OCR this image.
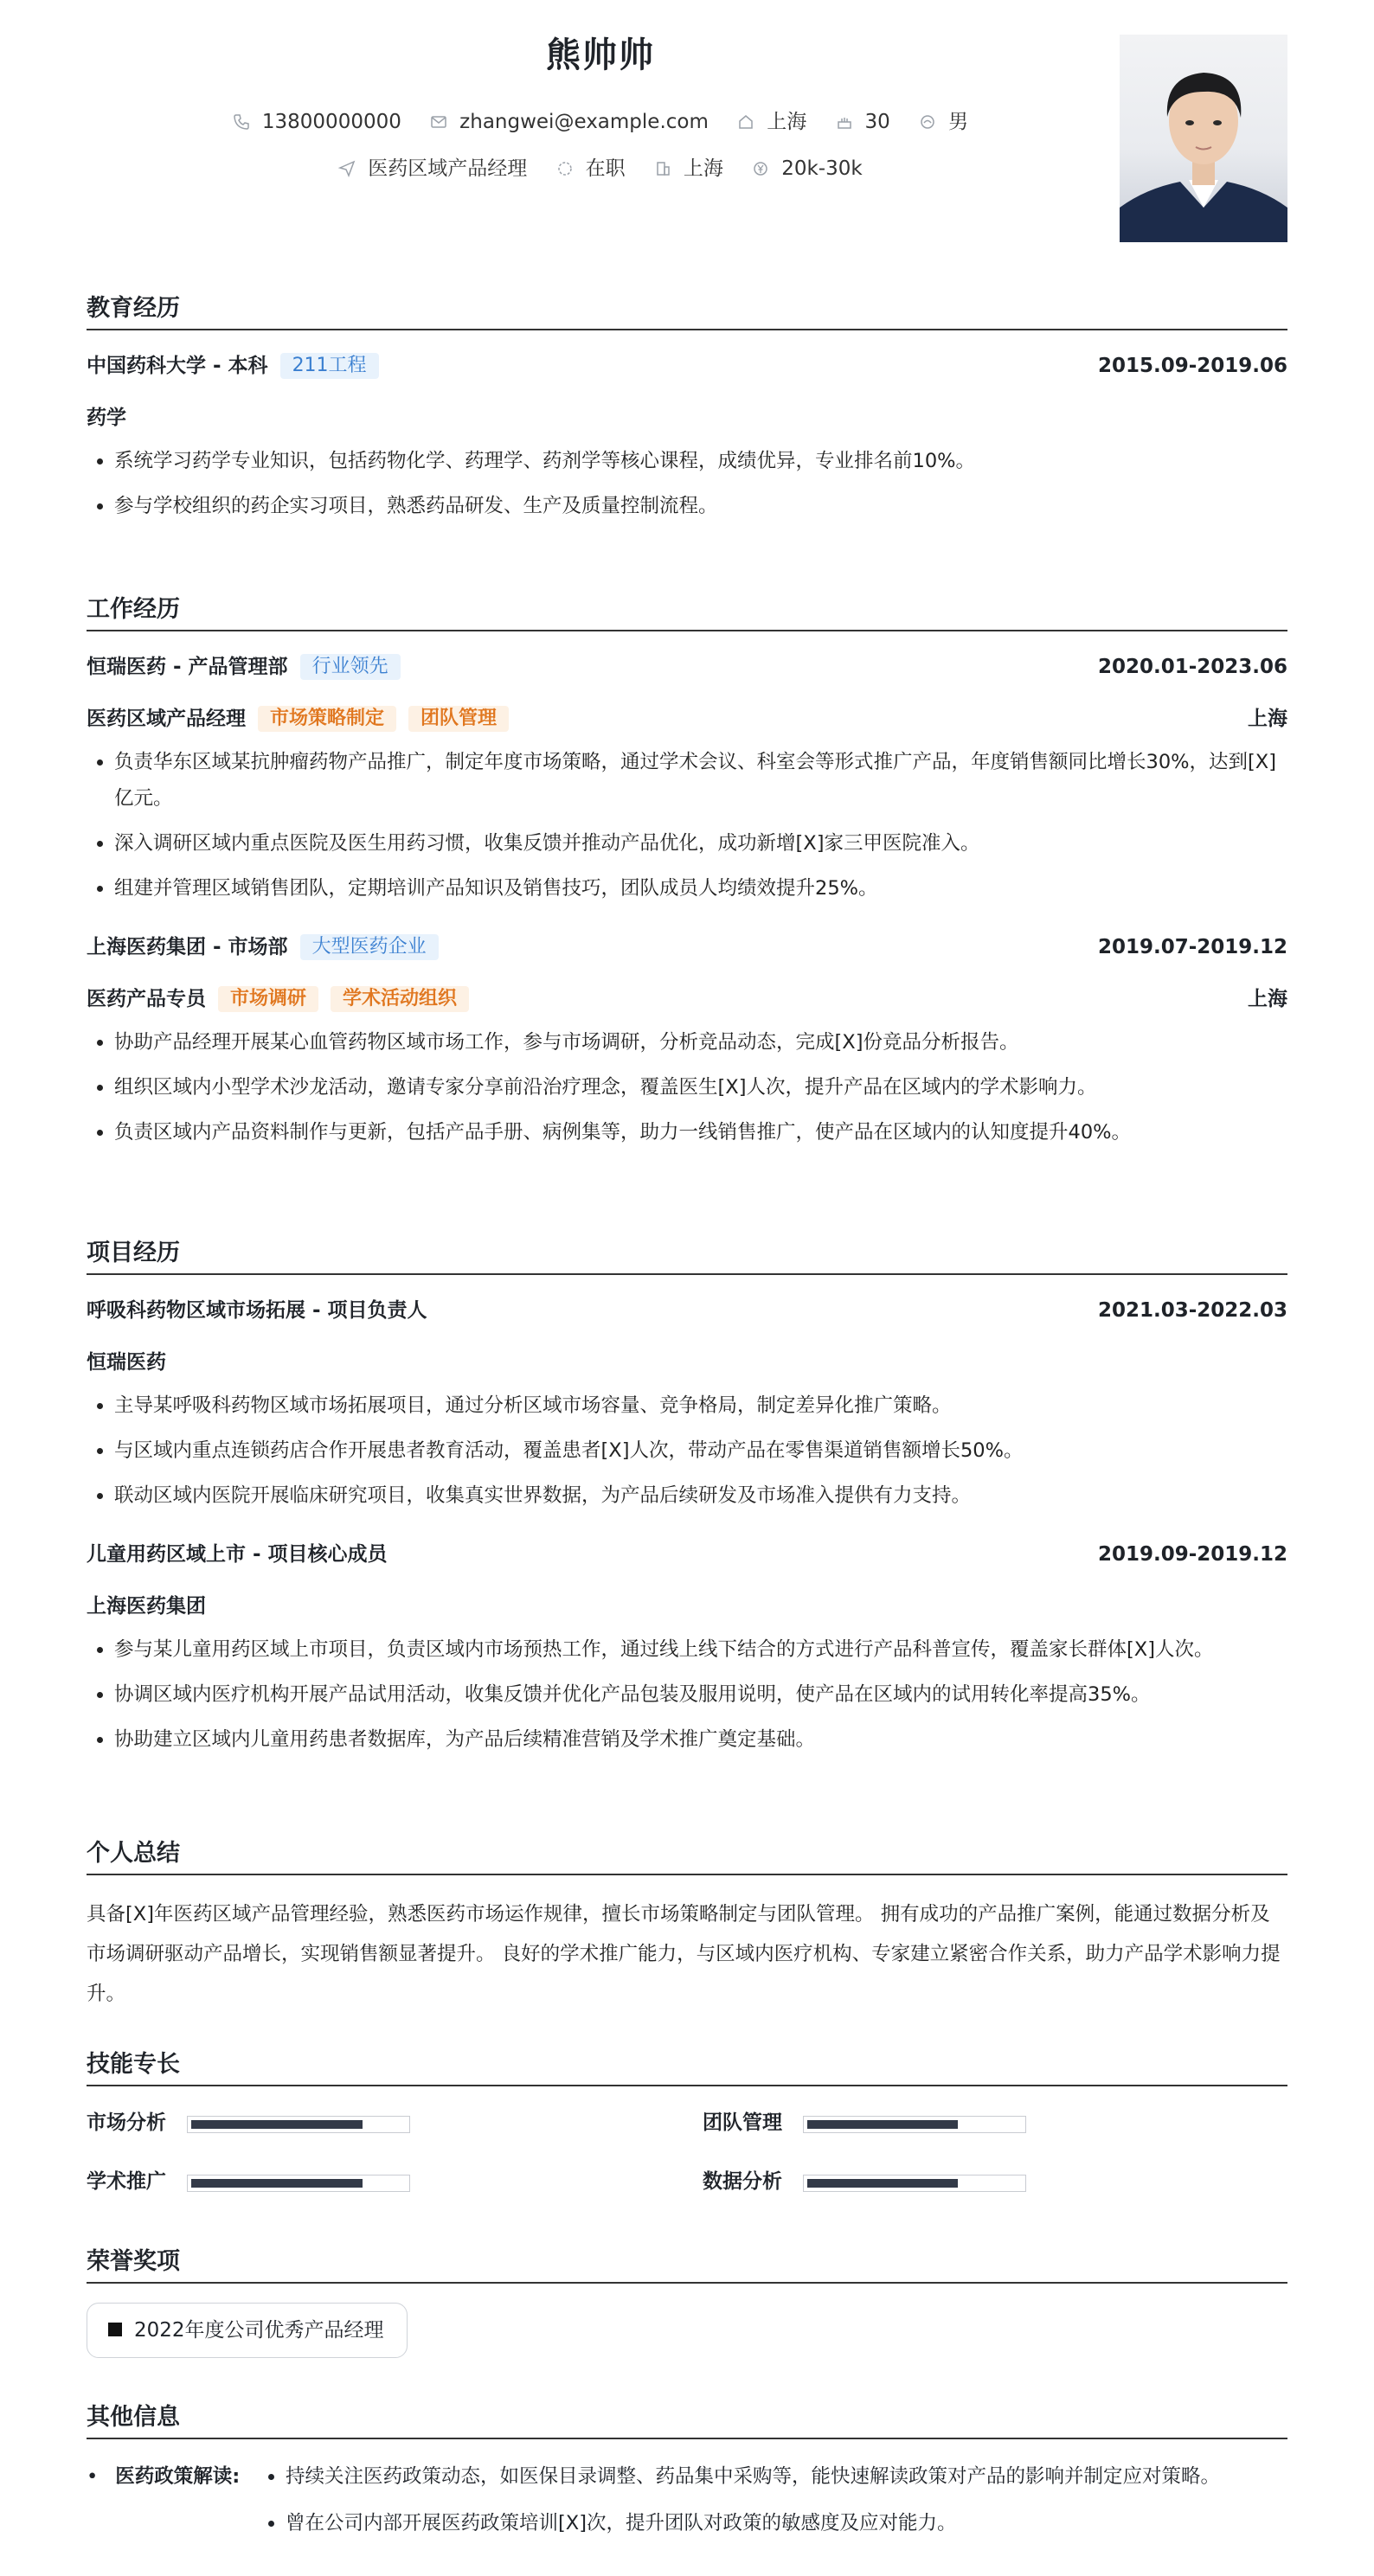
熊帅帅
13800000000	zhangwei@example.com	上海	30	男
医药区域产品经理	在职	上海	20k-30k
教育经历
中国药科大学 - 本科 211工程	2015.09-2019.06
药学
• 系统学习药学专业知识，包括药物化学、药理学、药剂学等核心课程，成绩优异，专业排名前10%。
• 参与学校组织的药企实习项目，熟悉药品研发、生产及质量控制流程。
工作经历
恒瑞医药 - 产品管理部 行业领先	2020.01-2023.06
医药区域产品经理 市场策略制定 团队管理	上海
• 负责华东区域某抗肿瘤药物产品推广，制定年度市场策略，通过学术会议、科室会等形式推广产品，年度销售额同比增长30%，达到[X]亿元。
• 深入调研区域内重点医院及医生用药习惯，收集反馈并推动产品优化，成功新增[X]家三甲医院准入。
• 组建并管理区域销售团队，定期培训产品知识及销售技巧，团队成员人均绩效提升25%。
上海医药集团 - 市场部 大型医药企业	2019.07-2019.12
医药产品专员 市场调研 学术活动组织	上海
• 协助产品经理开展某心血管药物区域市场工作，参与市场调研，分析竞品动态，完成[X]份竞品分析报告。
• 组织区域内小型学术沙龙活动，邀请专家分享前沿治疗理念，覆盖医生[X]人次，提升产品在区域内的学术影响力。
• 负责区域内产品资料制作与更新，包括产品手册、病例集等，助力一线销售推广，使产品在区域内的认知度提升40%。
项目经历
呼吸科药物区域市场拓展 - 项目负责人	2021.03-2022.03
恒瑞医药
• 主导某呼吸科药物区域市场拓展项目，通过分析区域市场容量、竞争格局，制定差异化推广策略。
• 与区域内重点连锁药店合作开展患者教育活动，覆盖患者[X]人次，带动产品在零售渠道销售额增长50%。
• 联动区域内医院开展临床研究项目，收集真实世界数据，为产品后续研发及市场准入提供有力支持。
儿童用药区域上市 - 项目核心成员	2019.09-2019.12
上海医药集团
• 参与某儿童用药区域上市项目，负责区域内市场预热工作，通过线上线下结合的方式进行产品科普宣传，覆盖家长群体[X]人次。
• 协调区域内医疗机构开展产品试用活动，收集反馈并优化产品包装及服用说明，使产品在区域内的试用转化率提高35%。
• 协助建立区域内儿童用药患者数据库，为产品后续精准营销及学术推广奠定基础。
个人总结

具备[X]年医药区域产品管理经验，熟悉医药市场运作规律，擅长市场策略制定与团队管理。 拥有成功的产品推广案例，能通过数据分析及市场调研驱动产品增长，实现销售额显著提升。 良好的学术推广能力，与区域内医疗机构、专家建立紧密合作关系，助力产品学术影响力提升。

技能专长
市场分析	团队管理
学术推广	数据分析
荣誉奖项
2022年度公司优秀产品经理
其他信息
• 医药政策解读:
• 持续关注医药政策动态，如医保目录调整、药品集中采购等，能快速解读政策对产品的影响并制定应对策略。
• 曾在公司内部开展医药政策培训[X]次，提升团队对政策的敏感度及应对能力。
